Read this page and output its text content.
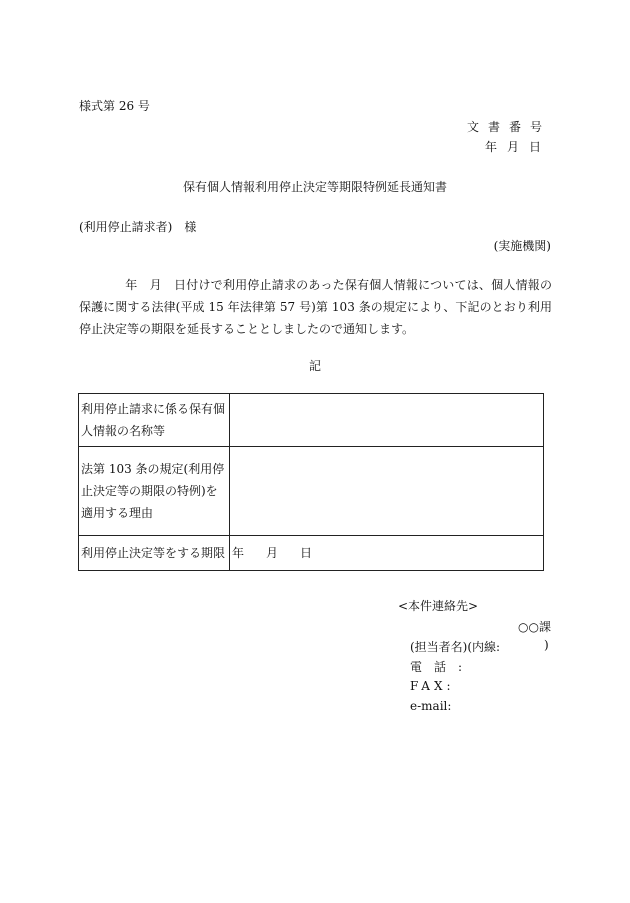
様式第 26 号
文書番号
年月日
保有個人情報利用停止決定等期限特例延長通知書
(利用停止請求者)　様
(実施機関)
年　月　日付けで利用停止請求のあった保有個人情報については、個人情報の保護に関する法律(平成 15 年法律第 57 号)第 103 条の規定により、下記のとおり利用停止決定等の期限を延長することとしましたので通知します。
記
利用停止請求に係る保有個人情報の名称等	
法第 103 条の規定(利用停止決定等の期限の特例)を適用する理由	
利用停止決定等をする期限	年 月 日
<本件連絡先>
○○課
(担当者名)(内線:	)
電話:
FAX:
e-mail:
